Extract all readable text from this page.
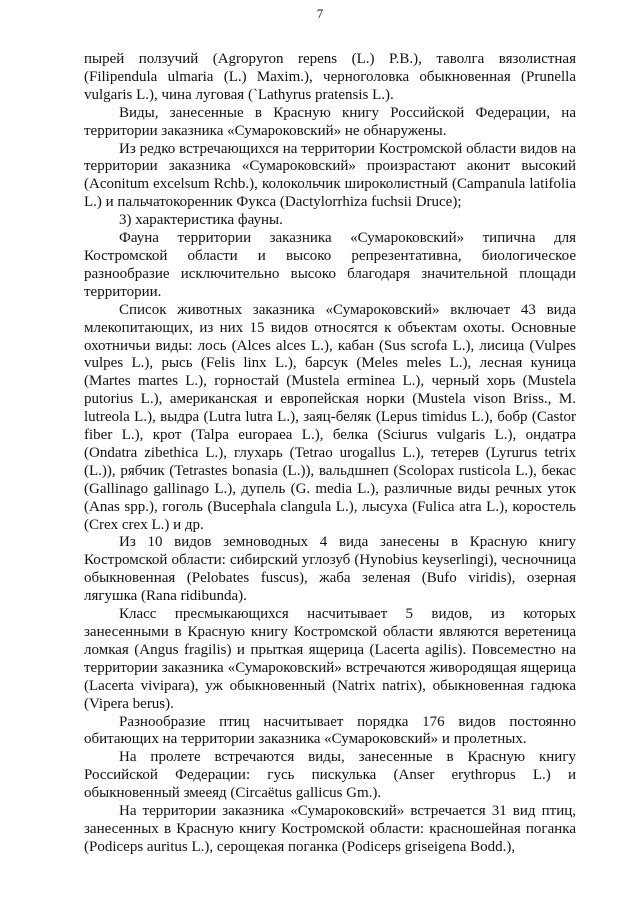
7

пырей ползучий (Agropyron repens (L.) P.B.), таволга вязолистная (Filipendula ulmaria (L.) Maxim.), черноголовка обыкновенная (Prunella vulgaris L.), чина луговая (`Lathyrus pratensis L.).

Виды, занесенные в Красную книгу Российской Федерации, на территории заказника «Сумароковский» не обнаружены.

Из редко встречающихся на территории Костромской области видов на территории заказника «Сумароковский» произрастают аконит высокий (Aconitum excelsum Rchb.), колокольчик широколистный (Campanula latifolia L.) и пальчатокоренник Фукса (Dactylorrhiza fuchsii Druce);

3) характеристика фауны.

Фауна территории заказника «Сумароковский» типична для Костромской области и высоко репрезентативна, биологическое разнообразие исключительно высоко благодаря значительной площади территории.

Список животных заказника «Сумароковский» включает 43 вида млекопитающих, из них 15 видов относятся к объектам охоты. Основные охотничьи виды: лось (Alces alces L.), кабан (Sus scrofa L.), лисица (Vulpes vulpes L.), рысь (Felis linx L.), барсук (Meles meles L.), лесная куница (Martes martes L.), горностай (Mustela erminea L.), черный хорь (Mustela putorius L.), американская и европейская норки (Mustela vison Briss., M. lutreola L.), выдра (Lutra lutra L.), заяц-беляк (Lepus timidus L.), бобр (Castor fiber L.), крот (Talpa europaea L.), белка (Sciurus vulgaris L.), ондатра (Ondatra zibethica L.), глухарь (Tetrao urogallus L.), тетерев (Lyrurus tetrix (L.)), рябчик (Tetrastes bonasia (L.)), вальдшнеп (Scolopax rusticola L.), бекас (Gallinago gallinago L.), дупель (G. media L.), различные виды речных уток (Anas spp.), гоголь (Bucephala clangula L.), лысуха (Fulica atra L.), коростель (Crex crex L.) и др.

Из 10 видов земноводных 4 вида занесены в Красную книгу Костромской области: сибирский углозуб (Hynobius keyserlingi), чесночница обыкновенная (Pelobates fuscus), жаба зеленая (Bufo viridis), озерная лягушка (Rana ridibunda).

Класс пресмыкающихся насчитывает 5 видов, из которых занесенными в Красную книгу Костромской области являются веретеница ломкая (Angus fragilis) и прыткая ящерица (Lacerta agilis). Повсеместно на территории заказника «Сумароковский» встречаются живородящая ящерица (Lacerta vivipara), уж обыкновенный (Natrix natrix), обыкновенная гадюка (Vipera berus).

Разнообразие птиц насчитывает порядка 176 видов постоянно обитающих на территории заказника «Сумароковский» и пролетных.

На пролете встречаются виды, занесенные в Красную книгу Российской Федерации: гусь пискулька (Anser erythropus L.) и обыкновенный змееяд (Circaëtus gallicus Gm.).

На территории заказника «Сумароковский» встречается 31 вид птиц, занесенных в Красную книгу Костромской области: красношейная поганка (Podiceps auritus L.), серощекая поганка (Podiceps griseigena Bodd.),
